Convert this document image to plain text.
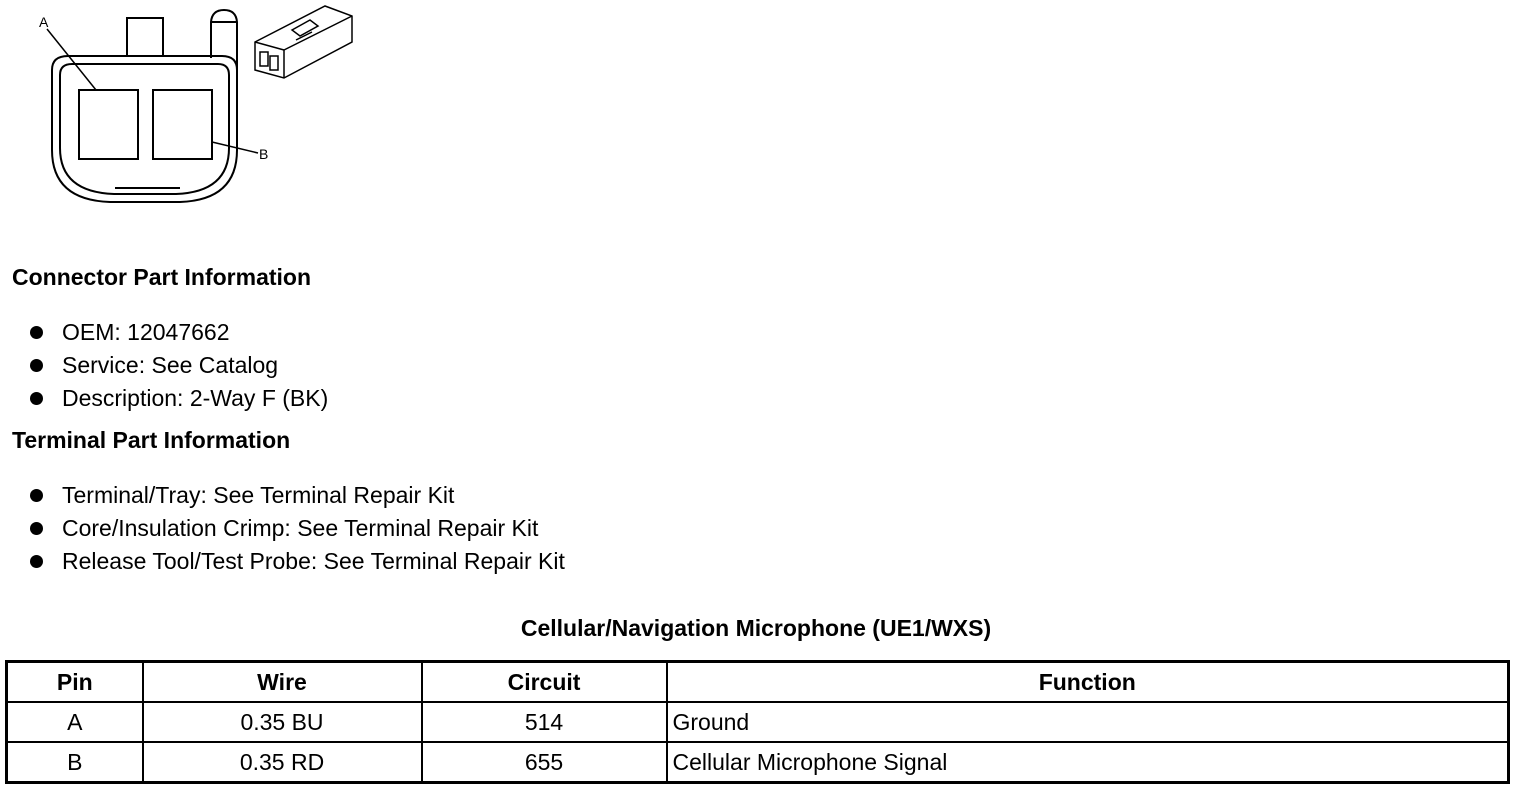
A
B
Connector Part Information
OEM: 12047662
Service: See Catalog
Description: 2-Way F (BK)
Terminal Part Information
Terminal/Tray: See Terminal Repair Kit
Core/Insulation Crimp: See Terminal Repair Kit
Release Tool/Test Probe: See Terminal Repair Kit
Cellular/Navigation Microphone (UE1/WXS)
Pin	Wire	Circuit	Function
A	0.35 BU	514	Ground
B	0.35 RD	655	Cellular Microphone Signal
